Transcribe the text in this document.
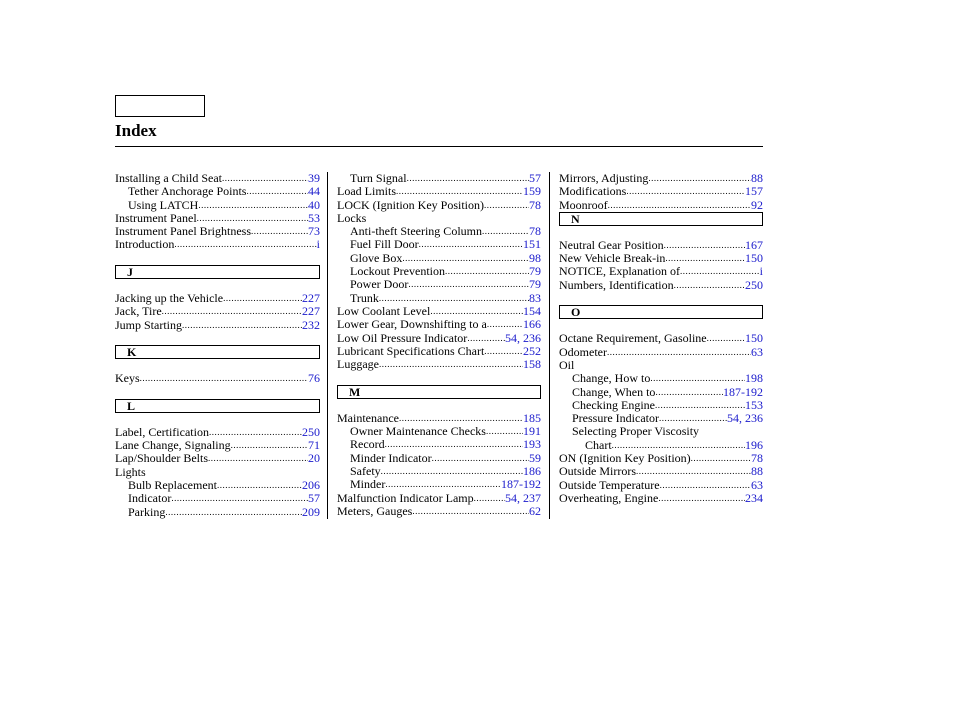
Index
Installing a Child Seat .....	39
Tether Anchorage Points .....	44
Using LATCH .....	40
Instrument Panel .....	53
Instrument Panel Brightness .....	73
Introduction .....	i
J
Jacking up the Vehicle .....	227
Jack, Tire .....	227
Jump Starting .....	232
K
Keys .....	76
L
Label, Certification .....	250
Lane Change, Signaling .....	71
Lap/Shoulder Belts .....	20
Lights
Bulb Replacement .....	206
Indicator .....	57
Parking .....	209
Turn Signal .....	57
Load Limits .....	159
LOCK (Ignition Key Position) .....	78
Locks
Anti-theft Steering Column .....	78
Fuel Fill Door .....	151
Glove Box .....	98
Lockout Prevention .....	79
Power Door .....	79
Trunk .....	83
Low Coolant Level .....	154
Lower Gear, Downshifting to a .....	166
Low Oil Pressure Indicator .....	54, 236
Lubricant Specifications Chart .....	252
Luggage .....	158
M
Maintenance .....	185
Owner Maintenance Checks .....	191
Record .....	193
Minder Indicator .....	59
Safety .....	186
Minder .....	187-192
Malfunction Indicator Lamp .....	54, 237
Meters, Gauges .....	62
Mirrors, Adjusting .....	88
Modifications .....	157
Moonroof .....	92
N
Neutral Gear Position .....	167
New Vehicle Break-in .....	150
NOTICE, Explanation of .....	i
Numbers, Identification .....	250
O
Octane Requirement, Gasoline .....	150
Odometer .....	63
Oil
Change, How to .....	198
Change, When to .....	187-192
Checking Engine .....	153
Pressure Indicator .....	54, 236
Selecting Proper Viscosity
Chart .....	196
ON (Ignition Key Position) .....	78
Outside Mirrors .....	88
Outside Temperature .....	63
Overheating, Engine .....	234
